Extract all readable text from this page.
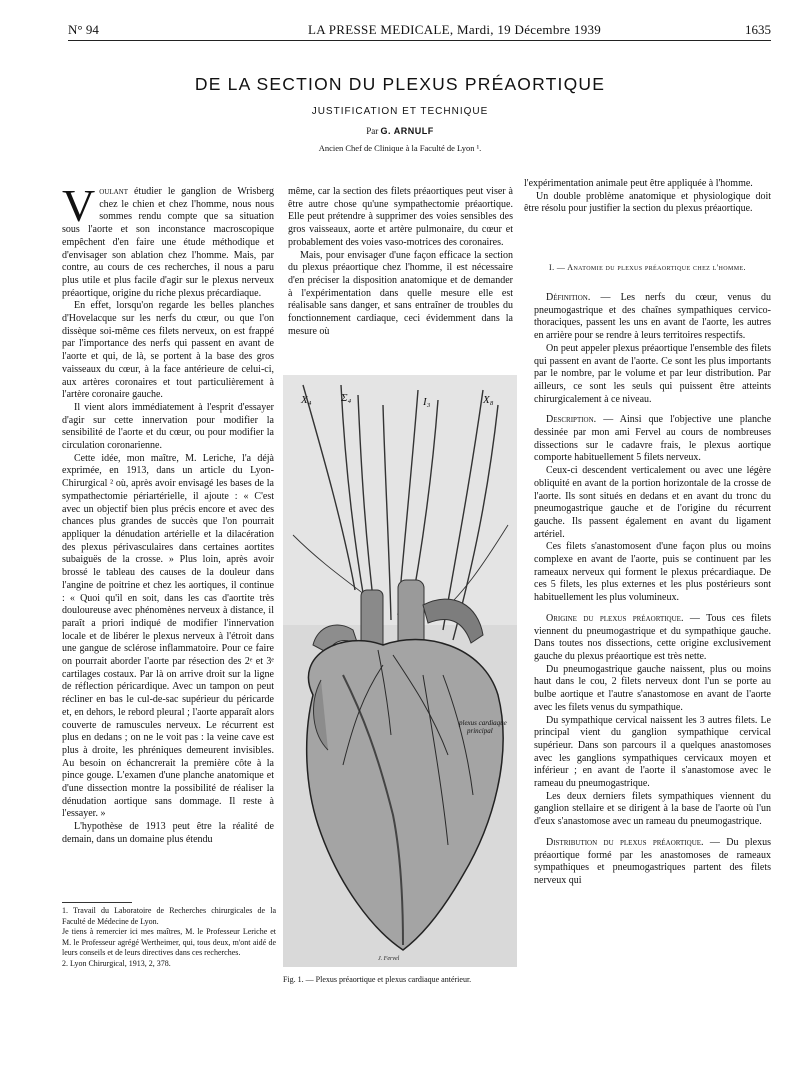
N° 94	LA PRESSE MEDICALE, Mardi, 19 Décembre 1939	1635
DE LA SECTION DU PLEXUS PRÉAORTIQUE
JUSTIFICATION ET TECHNIQUE
Par G. ARNULF
Ancien Chef de Clinique à la Faculté de Lyon ¹.

V oulant étudier le ganglion de Wrisberg chez le chien et chez l'homme, nous nous sommes rendu compte que sa situation sous l'aorte et son inconstance macroscopique empêchent d'en faire une étude méthodique et d'envisager son ablation chez l'homme. Mais, par contre, au cours de ces recherches, il nous a paru plus utile et plus facile d'agir sur le plexus nerveux préaortique, origine du riche plexus précardiaque.

En effet, lorsqu'on regarde les belles planches d'Hovelacque sur les nerfs du cœur, ou que l'on dissèque soi-même ces filets nerveux, on est frappé par l'importance des nerfs qui passent en avant de l'aorte et qui, de là, se portent à la base des gros vaisseaux du cœur, à la face antérieure de celui-ci, aux artères coronaires et tout particulièrement à l'artère coronaire gauche.

Il vient alors immédiatement à l'esprit d'essayer d'agir sur cette innervation pour modifier la sensibilité de l'aorte et du cœur, ou pour modifier la circulation coronarienne.

Cette idée, mon maître, M. Leriche, l'a déjà exprimée, en 1913, dans un article du Lyon-Chirurgical ² où, après avoir envisagé les bases de la sympathectomie périartérielle, il ajoute : « C'est avec un objectif bien plus précis encore et avec des chances plus grandes de succès que l'on pourrait appliquer la dénudation artérielle et la dilacération des plexus périvasculaires dans certaines aortites subaiguës de la crosse. » Plus loin, après avoir brossé le tableau des causes de la douleur dans l'angine de poitrine et chez les aortiques, il continue : « Quoi qu'il en soit, dans les cas d'aortite très douloureuse avec phénomènes nerveux à distance, il paraît a priori indiqué de modifier l'innervation locale et de libérer le plexus nerveux à l'étroit dans une gangue de sclérose inflammatoire. Pour ce faire on pourrait aborder l'aorte par résection des 2ᵉ et 3ᵉ cartilages costaux. Par là on arrive droit sur la ligne de réflection péricardique. Avec un tampon on peut récliner en bas le cul-de-sac supérieur du péricarde et, en dehors, le rebord pleural ; l'aorte apparaît alors couverte de ramuscules nerveux. Le récurrent est plus en dedans ; on ne le voit pas : la veine cave est plus à droite, les phréniques demeurent invisibles. Au besoin on échancrerait la première côte à la pince gouge. L'examen d'une planche anatomique et d'une dissection montre la possibilité de réaliser la dénudation aortique sans dommage. Il reste à l'essayer. »

L'hypothèse de 1913 peut être la réalité de demain, dans un domaine plus étendu

1. Travail du Laboratoire de Recherches chirurgicales de la Faculté de Médecine de Lyon.

Je tiens à remercier ici mes maîtres, M. le Professeur Leriche et M. le Professeur agrégé Wertheimer, qui, tous deux, m'ont aidé de leurs conseils et de leurs directives dans ces recherches.

2. Lyon Chirurgical, 1913, 2, 378.

même, car la section des filets préaortiques peut viser à être autre chose qu'une sympathectomie préaortique. Elle peut prétendre à supprimer des voies sensibles des gros vaisseaux, aorte et artère pulmonaire, du cœur et probablement des voies vaso-motrices des coronaires.

Mais, pour envisager d'une façon efficace la section du plexus préaortique chez l'homme, il est nécessaire d'en préciser la disposition anatomique et de demander à l'expérimentation dans quelle mesure elle est réalisable sans danger, et sans entraîner de troubles du fonctionnement cardiaque, ceci évidemment dans la mesure où

l'expérimentation animale peut être appliquée à l'homme.

Un double problème anatomique et physiologique doit être résolu pour justifier la section du plexus préaortique.

I. — Anatomie du plexus préaortique chez l'homme.

Définition. — Les nerfs du cœur, venus du pneumogastrique et des chaînes sympathiques cervico-thoraciques, passent les uns en avant de l'aorte, les autres en arrière pour se rendre à leurs territoires respectifs.

On peut appeler plexus préaortique l'ensemble des filets qui passent en avant de l'aorte. Ce sont les plus importants par le nombre, par le volume et par leur distribution. Par ailleurs, ce sont les seuls qui puissent être atteints chirurgicalement à ce niveau.

Description. — Ainsi que l'objective une planche dessinée par mon ami Fervel au cours de nombreuses dissections sur le cadavre frais, le plexus aortique comporte habituellement 5 filets nerveux.

Ceux-ci descendent verticalement ou avec une légère obliquité en avant de la portion horizontale de la crosse de l'aorte. Ils sont situés en dedans et en avant du tronc du pneumogastrique gauche et de l'origine du récurrent gauche. Ils passent également en avant du ligament artériel.

Ces filets s'anastomosent d'une façon plus ou moins complexe en avant de l'aorte, puis se continuent par les rameaux nerveux qui forment le plexus précardiaque. De ces 5 filets, les plus externes et les plus postérieurs sont habituellement les plus volumineux.

Origine du plexus préaortique. — Tous ces filets viennent du pneumogastrique et du sympathique gauche. Dans toutes nos dissections, cette origine exclusivement gauche du plexus préaortique est très nette.

Du pneumogastrique gauche naissent, plus ou moins haut dans le cou, 2 filets nerveux dont l'un se porte au bulbe aortique et l'autre s'anastomose en avant de l'aorte avec les filets venus du sympathique.

Du sympathique cervical naissent les 3 autres filets. Le principal vient du ganglion sympathique cervical supérieur. Dans son parcours il a quelques anastomoses avec les ganglions sympathiques cervicaux moyen et inférieur ; en avant de l'aorte il s'anastomose avec le rameau du pneumogastrique.

Les deux derniers filets sympathiques viennent du ganglion stellaire et se dirigent à la base de l'aorte où l'un d'eux s'anastomose avec un rameau du pneumogastrique.

Distribution du plexus préaortique. — Du plexus préaortique formé par les anastomoses de rameaux sympathiques et pneumogastriques partent des filets nerveux qui

X₄	Σ₄	I₃	X₈
plexus cardiaque
principal
J. Fervel
Fig. 1. — Plexus préaortique et plexus cardiaque antérieur.
